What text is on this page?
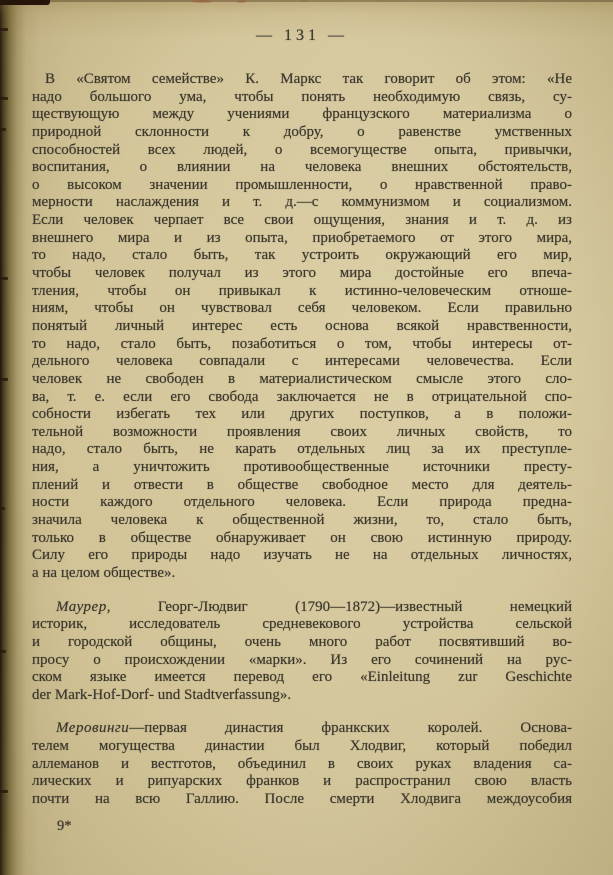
— 131 —

В «Святом семействе» К. Маркс так говорит об этом: «Не
надо большого ума, чтобы понять необходимую связь, су-
ществующую между учениями французского материализма о
природной склонности к добру, о равенстве умственных
способностей всех людей, о всемогуществе опыта, привычки,
воспитания, о влиянии на человека внешних обстоятельств,
о высоком значении промышленности, о нравственной право-
мерности наслаждения и т. д.—с коммунизмом и социализмом.
Если человек черпает все свои ощущения, знания и т. д. из
внешнего мира и из опыта, приобретаемого от этого мира,
то надо, стало быть, так устроить окружающий его мир,
чтобы человек получал из этого мира достойные его впеча-
тления, чтобы он привыкал к истинно-человеческим отноше-
ниям, чтобы он чувствовал себя человеком. Если правильно
понятый личный интерес есть основа всякой нравственности,
то надо, стало быть, позаботиться о том, чтобы интересы от-
дельного человека совпадали с интересами человечества. Если
человек не свободен в материалистическом смысле этого сло-
ва, т. е. если его свобода заключается не в отрицательной спо-
собности избегать тех или других поступков, а в положи-
тельной возможности проявления своих личных свойств, то
надо, стало быть, не карать отдельных лиц за их преступле-
ния, а уничтожить противообщественные источники престу-
плений и отвести в обществе свободное место для деятель-
ности каждого отдельного человека. Если природа предна-
значила человека к общественной жизни, то, стало быть,
только в обществе обнаруживает он свою истинную природу.
Силу его природы надо изучать не на отдельных личностях,
а на целом обществе».

Маурер, Георг-Людвиг (1790—1872)—известный немецкий
историк, исследователь средневекового устройства сельской
и городской общины, очень много работ посвятивший во-
просу о происхождении «марки». Из его сочинений на рус-
ском языке имеется перевод его «Einleitung zur Geschichte
der Mark-Hof-Dorf- und Stadtverfassung».

Меровинги—первая династия франкских королей. Основа-
телем могущества династии был Хлодвиг, который победил
аллеманов и вестготов, объединил в своих руках владения са-
лических и рипуарских франков и распространил свою власть
почти на всю Галлию. После смерти Хлодвига междоусобия

9*
